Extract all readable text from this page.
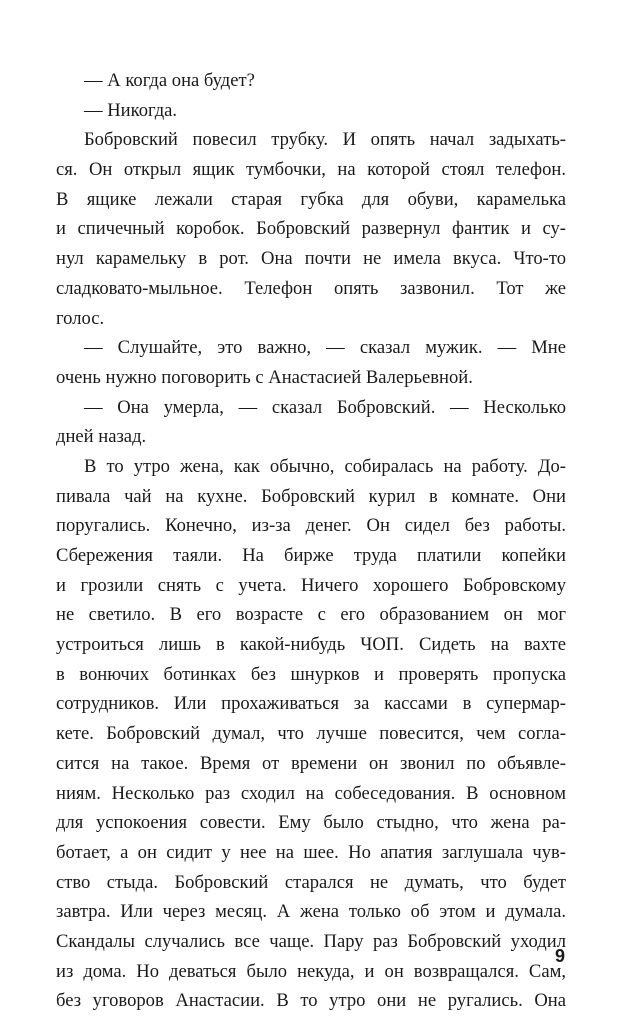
— А когда она будет?
— Никогда.
Бобровский повесил трубку. И опять начал задыхать-
ся. Он открыл ящик тумбочки, на которой стоял телефон.
В ящике лежали старая губка для обуви, карамелька
и спичечный коробок. Бобровский развернул фантик и су-
нул карамельку в рот. Она почти не имела вкуса. Что-то
сладковато-мыльное. Телефон опять зазвонил. Тот же
голос.
— Слушайте, это важно, — сказал мужик. — Мне
очень нужно поговорить с Анастасией Валерьевной.
— Она умерла, — сказал Бобровский. — Несколько
дней назад.
В то утро жена, как обычно, собиралась на работу. До-
пивала чай на кухне. Бобровский курил в комнате. Они
поругались. Конечно, из-за денег. Он сидел без работы.
Сбережения таяли. На бирже труда платили копейки
и грозили снять с учета. Ничего хорошего Бобровскому
не светило. В его возрасте с его образованием он мог
устроиться лишь в какой-нибудь ЧОП. Сидеть на вахте
в вонючих ботинках без шнурков и проверять пропуска
сотрудников. Или прохаживаться за кассами в супермар-
кете. Бобровский думал, что лучше повесится, чем согла-
сится на такое. Время от времени он звонил по объявле-
ниям. Несколько раз сходил на собеседования. В основном
для успокоения совести. Ему было стыдно, что жена ра-
ботает, а он сидит у нее на шее. Но апатия заглушала чув-
ство стыда. Бобровский старался не думать, что будет
завтра. Или через месяц. А жена только об этом и думала.
Скандалы случались все чаще. Пару раз Бобровский уходил
из дома. Но деваться было некуда, и он возвращался. Сам,
без уговоров Анастасии. В то утро они не ругались. Она
9
